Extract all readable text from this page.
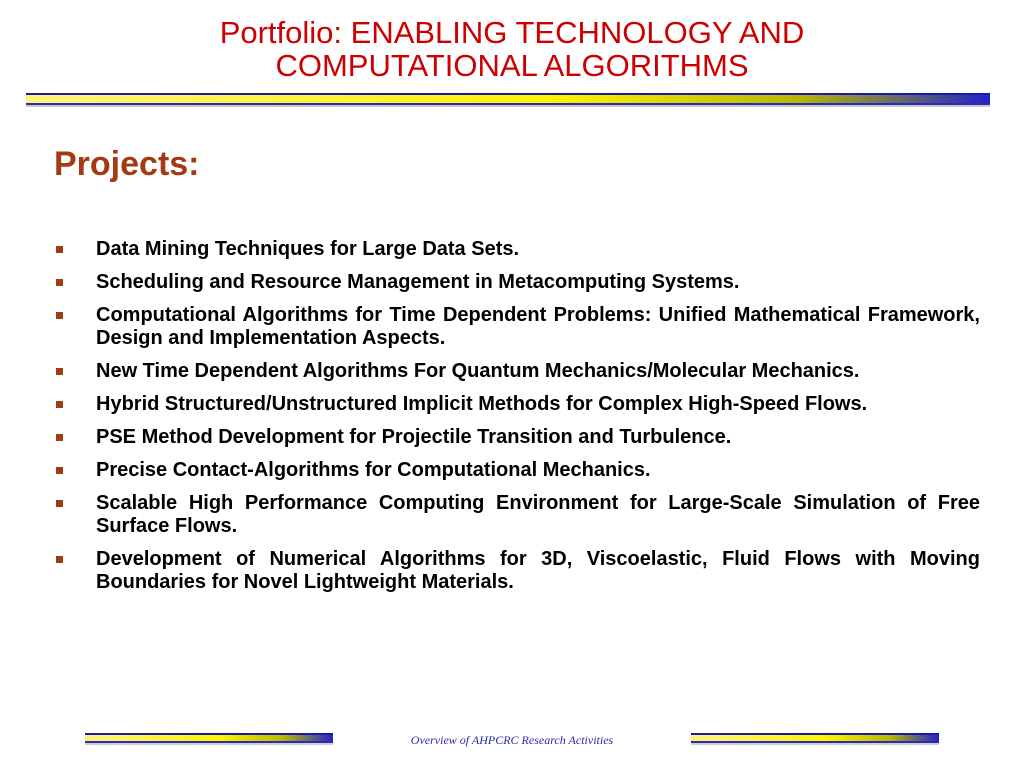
Portfolio: ENABLING TECHNOLOGY AND
COMPUTATIONAL ALGORITHMS
Projects:
Data Mining Techniques for Large Data Sets.
Scheduling and Resource Management in Metacomputing Systems.
Computational Algorithms for Time Dependent Problems: Unified Mathematical Framework, Design and Implementation Aspects.
New Time Dependent Algorithms For Quantum Mechanics/Molecular Mechanics.
Hybrid Structured/Unstructured Implicit Methods for Complex High-Speed Flows.
PSE Method Development for Projectile Transition and Turbulence.
Precise Contact-Algorithms for Computational Mechanics.
Scalable High Performance Computing Environment for Large-Scale Simulation of Free Surface Flows.
Development of Numerical Algorithms for 3D, Viscoelastic, Fluid Flows with Moving Boundaries for Novel Lightweight Materials.
Overview of AHPCRC Research Activities
